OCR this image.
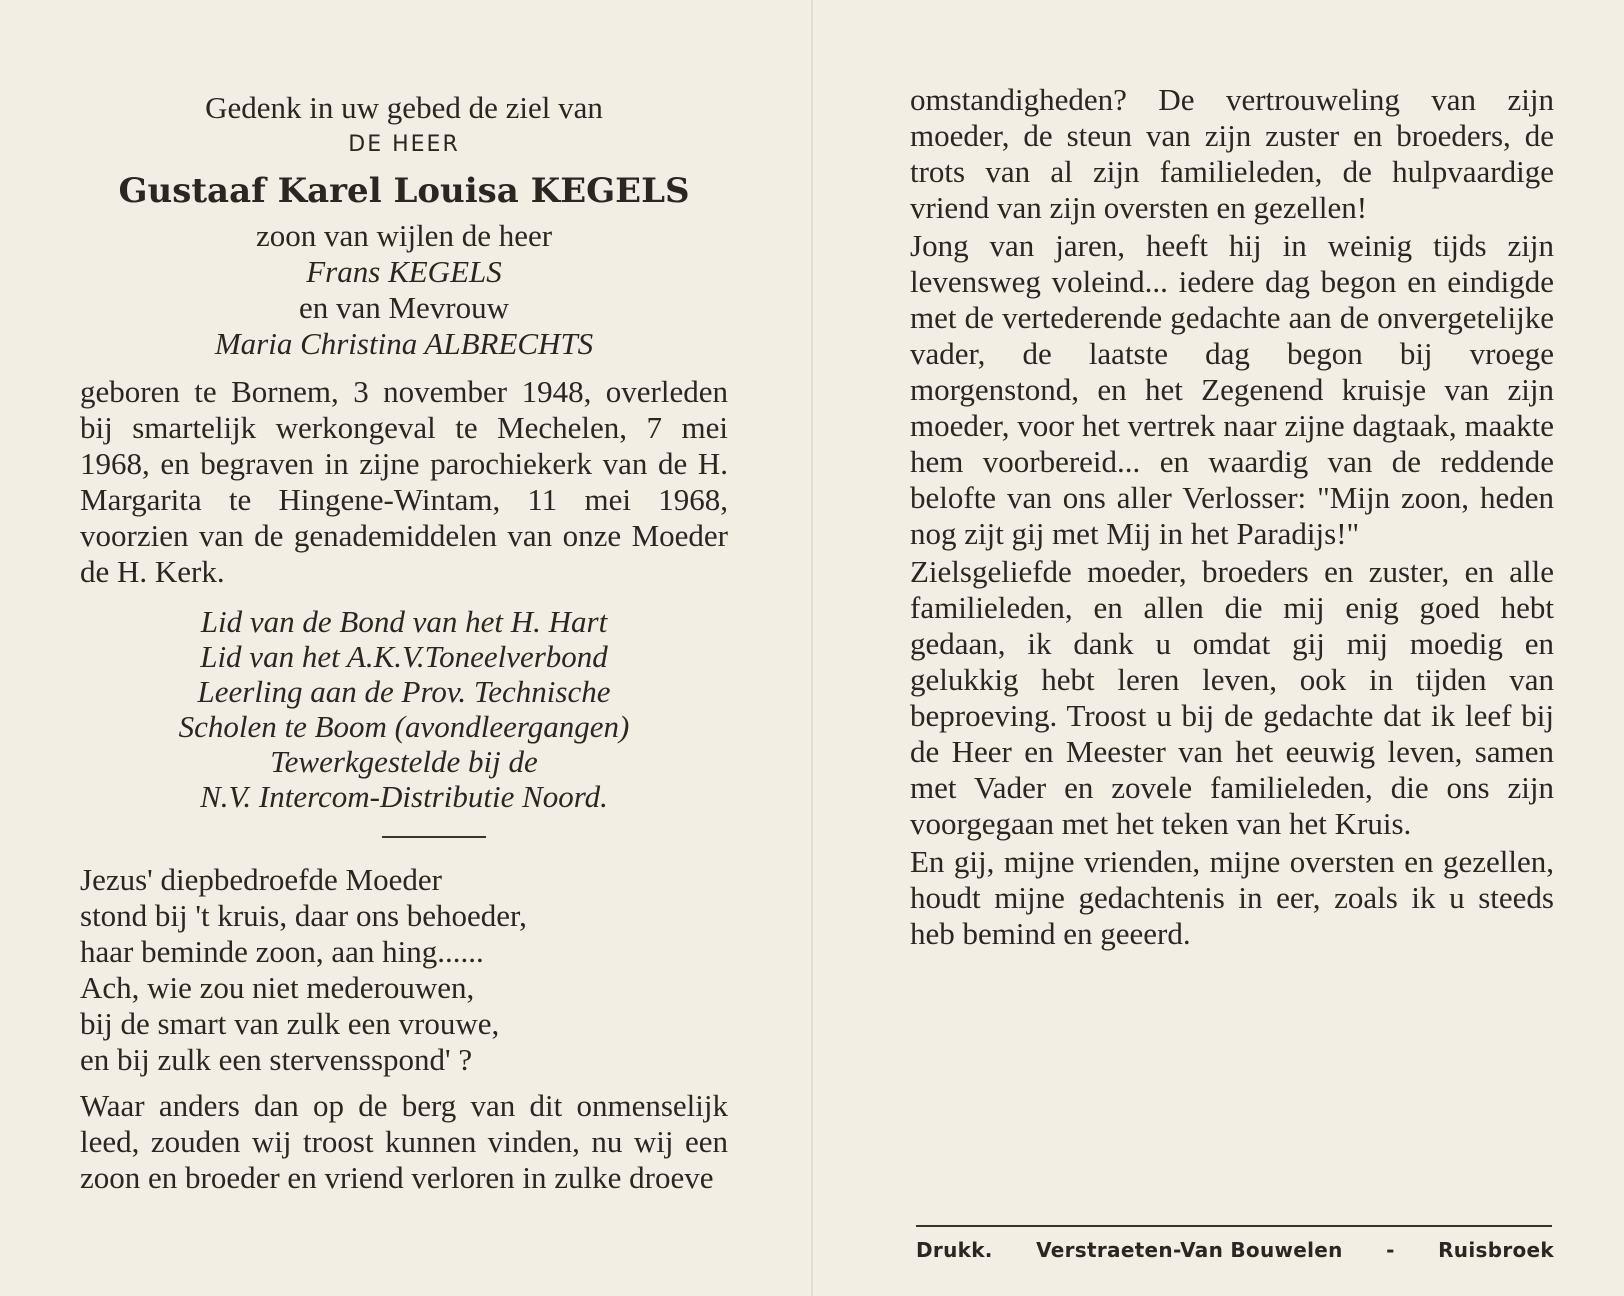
Gedenk in uw gebed de ziel van
DE HEER
Gustaaf Karel Louisa KEGELS
zoon van wijlen de heer
Frans KEGELS
en van Mevrouw
Maria Christina ALBRECHTS
geboren te Bornem, 3 november 1948, overleden bij smartelijk werkongeval te Mechelen, 7 mei 1968, en begraven in zijne parochiekerk van de H. Margarita te Hingene-Wintam, 11 mei 1968, voorzien van de genademiddelen van onze Moeder de H. Kerk.
Lid van de Bond van het H. Hart
Lid van het A.K.V.Toneelverbond
Leerling aan de Prov. Technische
Scholen te Boom (avondleergangen)
Tewerkgestelde bij de
N.V. Intercom-Distributie Noord.
Jezus' diepbedroefde Moeder
stond bij 't kruis, daar ons behoeder,
haar beminde zoon, aan hing......
Ach, wie zou niet mederouwen,
bij de smart van zulk een vrouwe,
en bij zulk een stervensspond' ?
Waar anders dan op de berg van dit onmenselijk leed, zouden wij troost kunnen vinden, nu wij een zoon en broeder en vriend verloren in zulke droeve
omstandigheden? De vertrouweling van zijn moeder, de steun van zijn zuster en broeders, de trots van al zijn familieleden, de hulpvaardige vriend van zijn oversten en gezellen!
Jong van jaren, heeft hij in weinig tijds zijn levensweg voleind... iedere dag begon en eindigde met de vertederende gedachte aan de onvergetelijke vader, de laatste dag begon bij vroege morgenstond, en het Zegenend kruisje van zijn moeder, voor het vertrek naar zijne dagtaak, maakte hem voorbereid... en waardig van de reddende belofte van ons aller Verlosser: "Mijn zoon, heden nog zijt gij met Mij in het Paradijs!"
Zielsgeliefde moeder, broeders en zuster, en alle familieleden, en allen die mij enig goed hebt gedaan, ik dank u omdat gij mij moedig en gelukkig hebt leren leven, ook in tijden van beproeving. Troost u bij de gedachte dat ik leef bij de Heer en Meester van het eeuwig leven, samen met Vader en zovele familieleden, die ons zijn voorgegaan met het teken van het Kruis.
En gij, mijne vrienden, mijne oversten en gezellen, houdt mijne gedachtenis in eer, zoals ik u steeds heb bemind en geeerd.
Drukk. Verstraeten-Van Bouwelen - Ruisbroek
